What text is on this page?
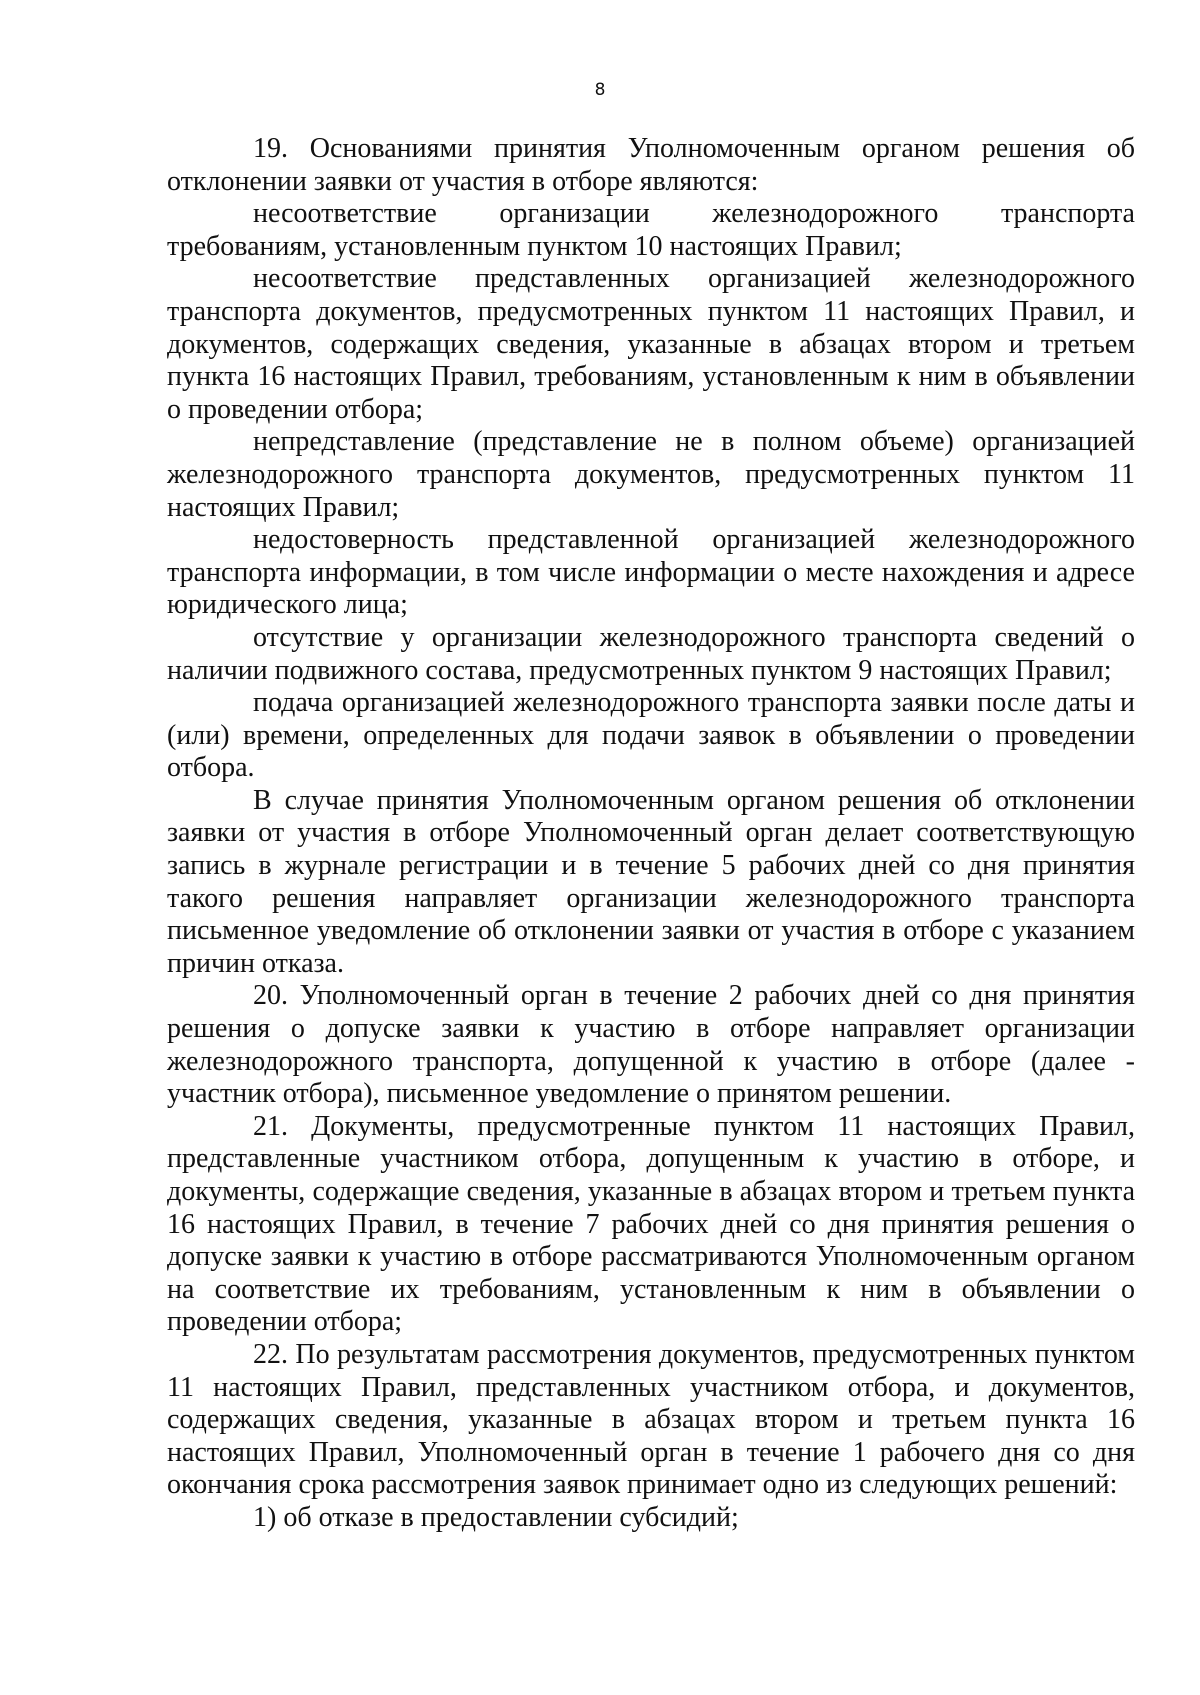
8

19. Основаниями принятия Уполномоченным органом решения об отклонении заявки от участия в отборе являются:

несоответствие организации железнодорожного транспорта требованиям, установленным пунктом 10 настоящих Правил;

несоответствие представленных организацией железнодорожного транспорта документов, предусмотренных пунктом 11 настоящих Правил, и документов, содержащих сведения, указанные в абзацах втором и третьем пункта 16 настоящих Правил, требованиям, установленным к ним в объявлении о проведении отбора;

непредставление (представление не в полном объеме) организацией железнодорожного транспорта документов, предусмотренных пунктом 11 настоящих Правил;

недостоверность представленной организацией железнодорожного транспорта информации, в том числе информации о месте нахождения и адресе юридического лица;

отсутствие у организации железнодорожного транспорта сведений о наличии подвижного состава, предусмотренных пунктом 9 настоящих Правил;

подача организацией железнодорожного транспорта заявки после даты и (или) времени, определенных для подачи заявок в объявлении о проведении отбора.

В случае принятия Уполномоченным органом решения об отклонении заявки от участия в отборе Уполномоченный орган делает соответствующую запись в журнале регистрации и в течение 5 рабочих дней со дня принятия такого решения направляет организации железнодорожного транспорта письменное уведомление об отклонении заявки от участия в отборе с указанием причин отказа.

20. Уполномоченный орган в течение 2 рабочих дней со дня принятия решения о допуске заявки к участию в отборе направляет организации железнодорожного транспорта, допущенной к участию в отборе (далее - участник отбора), письменное уведомление о принятом решении.

21. Документы, предусмотренные пунктом 11 настоящих Правил, представленные участником отбора, допущенным к участию в отборе, и документы, содержащие сведения, указанные в абзацах втором и третьем пункта 16 настоящих Правил, в течение 7 рабочих дней со дня принятия решения о допуске заявки к участию в отборе рассматриваются Уполномоченным органом на соответствие их требованиям, установленным к ним в объявлении о проведении отбора;

22. По результатам рассмотрения документов, предусмотренных пунктом 11 настоящих Правил, представленных участником отбора, и документов, содержащих сведения, указанные в абзацах втором и третьем пункта 16 настоящих Правил, Уполномоченный орган в течение 1 рабочего дня со дня окончания срока рассмотрения заявок принимает одно из следующих решений:

1) об отказе в предоставлении субсидий;
